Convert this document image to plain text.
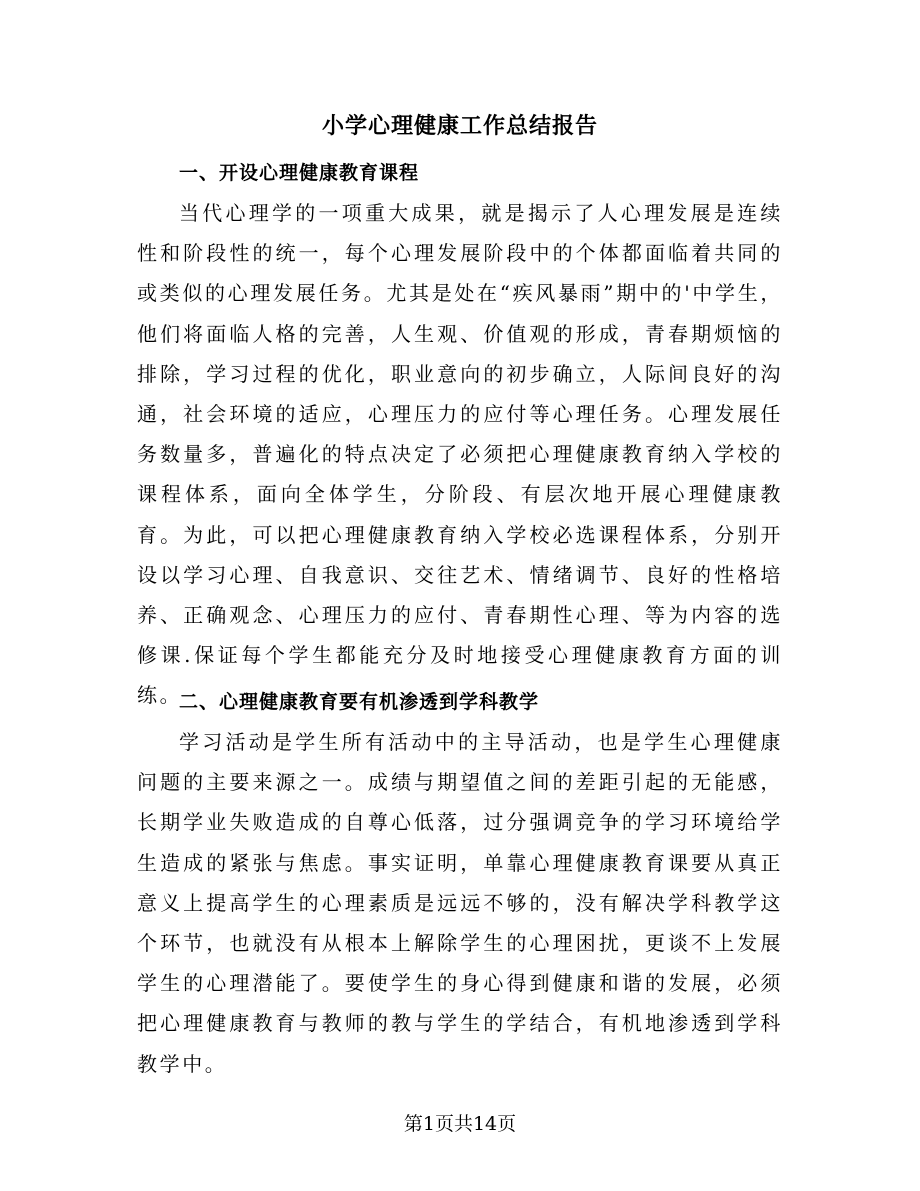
小学心理健康工作总结报告
一、开设心理健康教育课程

当代心理学的一项重大成果，就是揭示了人心理发展是连续性和阶段性的统一，每个心理发展阶段中的个体都面临着共同的或类似的心理发展任务。尤其是处在“疾风暴雨”期中的'中学生，他们将面临人格的完善，人生观、价值观的形成，青春期烦恼的排除，学习过程的优化，职业意向的初步确立，人际间良好的沟通，社会环境的适应，心理压力的应付等心理任务。心理发展任务数量多，普遍化的特点决定了必须把心理健康教育纳入学校的课程体系，面向全体学生，分阶段、有层次地开展心理健康教育。为此，可以把心理健康教育纳入学校必选课程体系，分别开设以学习心理、自我意识、交往艺术、情绪调节、良好的性格培养、正确观念、心理压力的应付、青春期性心理、等为内容的选修课.保证每个学生都能充分及时地接受心理健康教育方面的训练。

二、心理健康教育要有机渗透到学科教学

学习活动是学生所有活动中的主导活动，也是学生心理健康问题的主要来源之一。成绩与期望值之间的差距引起的无能感，长期学业失败造成的自尊心低落，过分强调竞争的学习环境给学生造成的紧张与焦虑。事实证明，单靠心理健康教育课要从真正意义上提高学生的心理素质是远远不够的，没有解决学科教学这个环节，也就没有从根本上解除学生的心理困扰，更谈不上发展学生的心理潜能了。要使学生的身心得到健康和谐的发展，必须把心理健康教育与教师的教与学生的学结合，有机地渗透到学科教学中。

第1页共14页
